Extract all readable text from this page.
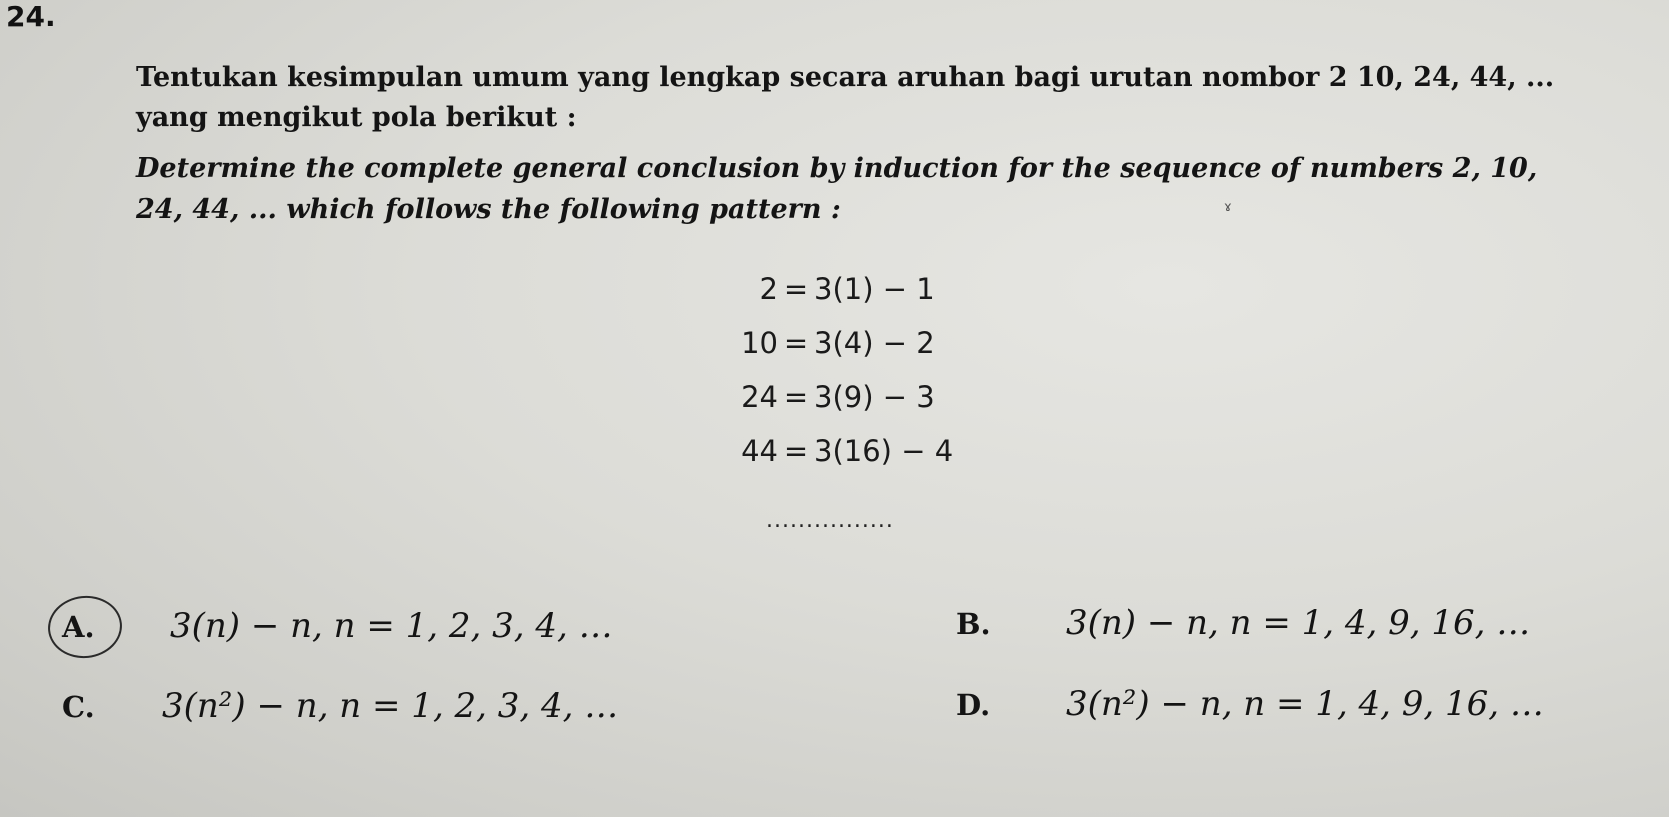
24.

Tentukan kesimpulan umum yang lengkap secara aruhan bagi urutan nombor 2 10, 24, 44, ... yang mengikut pola berikut :

Determine the complete general conclusion by induction for the sequence of numbers 2, 10, 24, 44, ... which follows the following pattern :	ɤ
2 = 3(1) − 1
10 = 3(4) − 2
24 = 3(9) − 3
44 = 3(16) − 4
................
A. 3(n) − n, n = 1, 2, 3, 4, …	B. 3(n) − n, n = 1, 4, 9, 16, …
C. 3(n²) − n, n = 1, 2, 3, 4, …	D. 3(n²) − n, n = 1, 4, 9, 16, …
